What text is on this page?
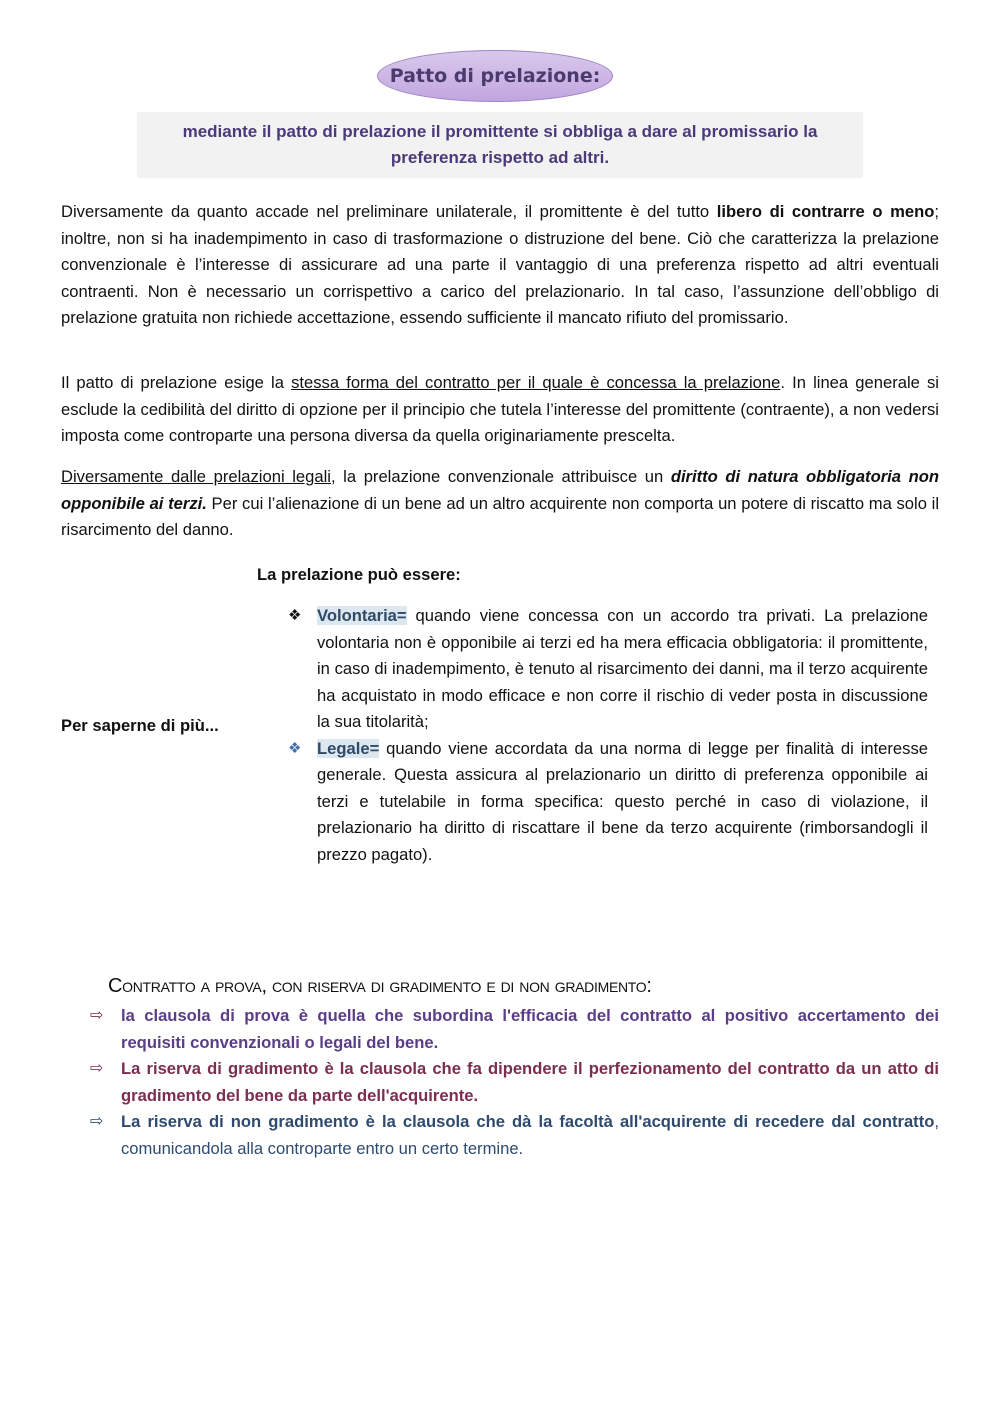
Patto di prelazione:
mediante il patto di prelazione il promittente si obbliga a dare al promissario la preferenza rispetto ad altri.

Diversamente da quanto accade nel preliminare unilaterale, il promittente è del tutto libero di contrarre o meno; inoltre, non si ha inadempimento in caso di trasformazione o distruzione del bene. Ciò che caratterizza la prelazione convenzionale è l’interesse di assicurare ad una parte il vantaggio di una preferenza rispetto ad altri eventuali contraenti. Non è necessario un corrispettivo a carico del prelazionario. In tal caso, l’assunzione dell’obbligo di prelazione gratuita non richiede accettazione, essendo sufficiente il mancato rifiuto del promissario.

Il patto di prelazione esige la stessa forma del contratto per il quale è concessa la prelazione. In linea generale si esclude la cedibilità del diritto di opzione per il principio che tutela l’interesse del promittente (contraente), a non vedersi imposta come controparte una persona diversa da quella originariamente prescelta.

Diversamente dalle prelazioni legali, la prelazione convenzionale attribuisce un diritto di natura obbligatoria non opponibile ai terzi. Per cui l’alienazione di un bene ad un altro acquirente non comporta un potere di riscatto ma solo il risarcimento del danno.

La prelazione può essere:
Per saperne di più...
❖ Volontaria= quando viene concessa con un accordo tra privati. La prelazione volontaria non è opponibile ai terzi ed ha mera efficacia obbligatoria: il promittente, in caso di inadempimento, è tenuto al risarcimento dei danni, ma il terzo acquirente ha acquistato in modo efficace e non corre il rischio di veder posta in discussione la sua titolarità;
❖ Legale= quando viene accordata da una norma di legge per finalità di interesse generale. Questa assicura al prelazionario un diritto di preferenza opponibile ai terzi e tutelabile in forma specifica: questo perché in caso di violazione, il prelazionario ha diritto di riscattare il bene da terzo acquirente (rimborsandogli il prezzo pagato).
Contratto a prova, con riserva di gradimento e di non gradimento:
⇨ la clausola di prova è quella che subordina l'efficacia del contratto al positivo accertamento dei requisiti convenzionali o legali del bene.
⇨ La riserva di gradimento è la clausola che fa dipendere il perfezionamento del contratto da un atto di gradimento del bene da parte dell'acquirente.
⇨ La riserva di non gradimento è la clausola che dà la facoltà all'acquirente di recedere dal contratto, comunicandola alla controparte entro un certo termine.
